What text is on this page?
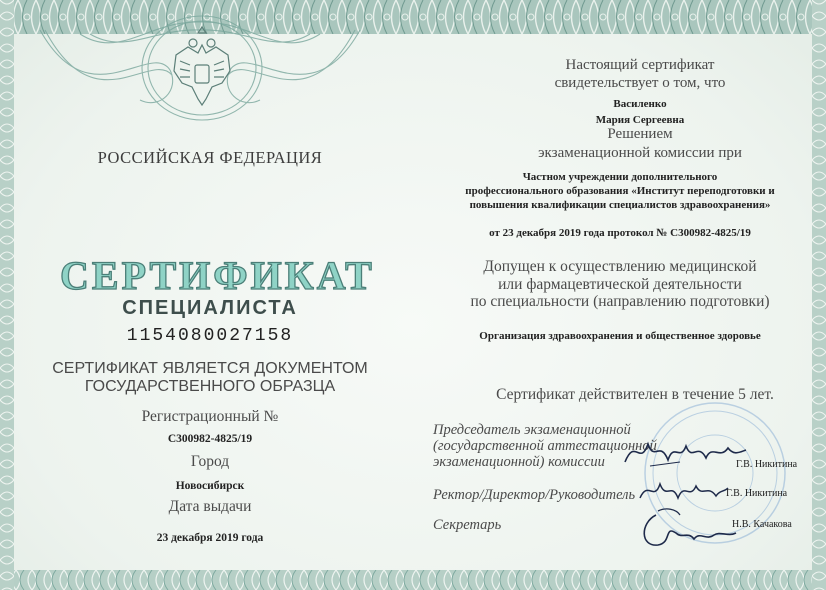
РОССИЙСКАЯ ФЕДЕРАЦИЯ
СЕРТИФИКАТ
СПЕЦИАЛИСТА
1154080027158
СЕРТИФИКАТ ЯВЛЯЕТСЯ ДОКУМЕНТОМ
ГОСУДАРСТВЕННОГО ОБРАЗЦА
Регистрационный №
С300982-4825/19
Город
Новосибирск
Дата выдачи
23 декабря 2019 года
Настоящий сертификат
свидетельствует о том, что
Василенко
Мария Сергеевна
Решением
экзаменационной комиссии при
Частном учреждении дополнительного
профессионального образования «Институт переподготовки и
повышения квалификации специалистов здравоохранения»
от 23 декабря 2019 года протокол № С300982-4825/19
Допущен к осуществлению медицинской
или фармацевтической деятельности
по специальности (направлению подготовки)
Организация здравоохранения и общественное здоровье
Сертификат действителен в течение 5 лет.
Председатель экзаменационной
(государственной аттестационной
экзаменационной) комиссии	Г.В. Никитина
Ректор/Директор/Руководитель	Г.В. Никитина
Секретарь	Н.В. Качакова
